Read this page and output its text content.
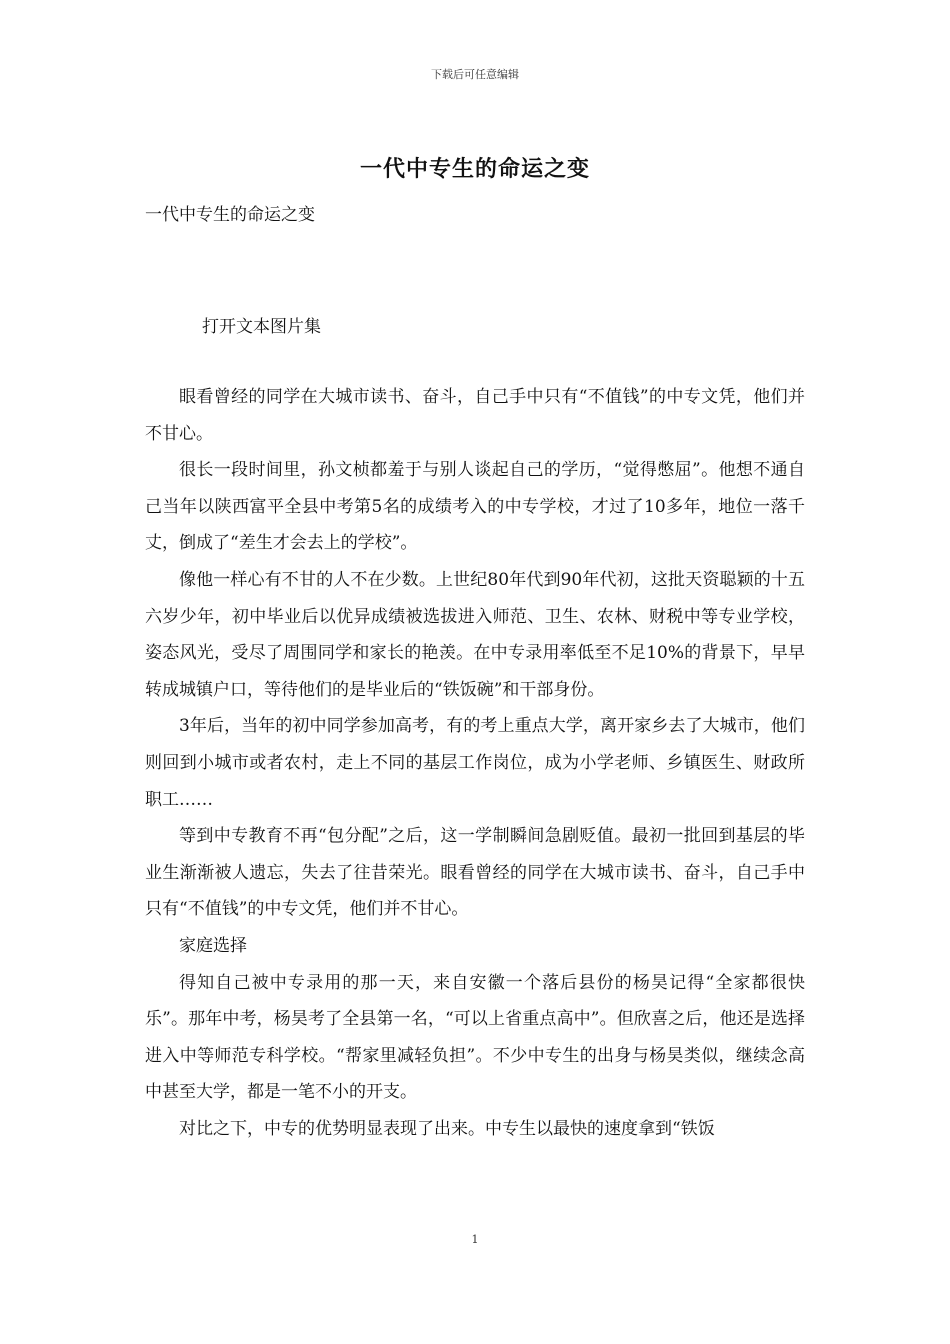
下载后可任意编辑
一代中专生的命运之变
一代中专生的命运之变
打开文本图片集

眼看曾经的同学在大城市读书、奋斗，自己手中只有“不值钱”的中专文凭，他们并不甘心。

很长一段时间里，孙文桢都羞于与别人谈起自己的学历，“觉得憋屈”。他想不通自己当年以陕西富平全县中考第5名的成绩考入的中专学校，才过了10多年，地位一落千丈，倒成了“差生才会去上的学校”。

像他一样心有不甘的人不在少数。上世纪80年代到90年代初，这批天资聪颖的十五六岁少年，初中毕业后以优异成绩被选拔进入师范、卫生、农林、财税中等专业学校，姿态风光，受尽了周围同学和家长的艳羡。在中专录用率低至不足10%的背景下，早早转成城镇户口，等待他们的是毕业后的“铁饭碗”和干部身份。

3年后，当年的初中同学参加高考，有的考上重点大学，离开家乡去了大城市，他们则回到小城市或者农村，走上不同的基层工作岗位，成为小学老师、乡镇医生、财政所职工……

等到中专教育不再“包分配”之后，这一学制瞬间急剧贬值。最初一批回到基层的毕业生渐渐被人遗忘，失去了往昔荣光。眼看曾经的同学在大城市读书、奋斗，自己手中只有“不值钱”的中专文凭，他们并不甘心。

家庭选择

得知自己被中专录用的那一天，来自安徽一个落后县份的杨昊记得“全家都很快乐”。那年中考，杨昊考了全县第一名，“可以上省重点高中”。但欣喜之后，他还是选择进入中等师范专科学校。“帮家里减轻负担”。不少中专生的出身与杨昊类似，继续念高中甚至大学，都是一笔不小的开支。

对比之下，中专的优势明显表现了出来。中专生以最快的速度拿到“铁饭

1
